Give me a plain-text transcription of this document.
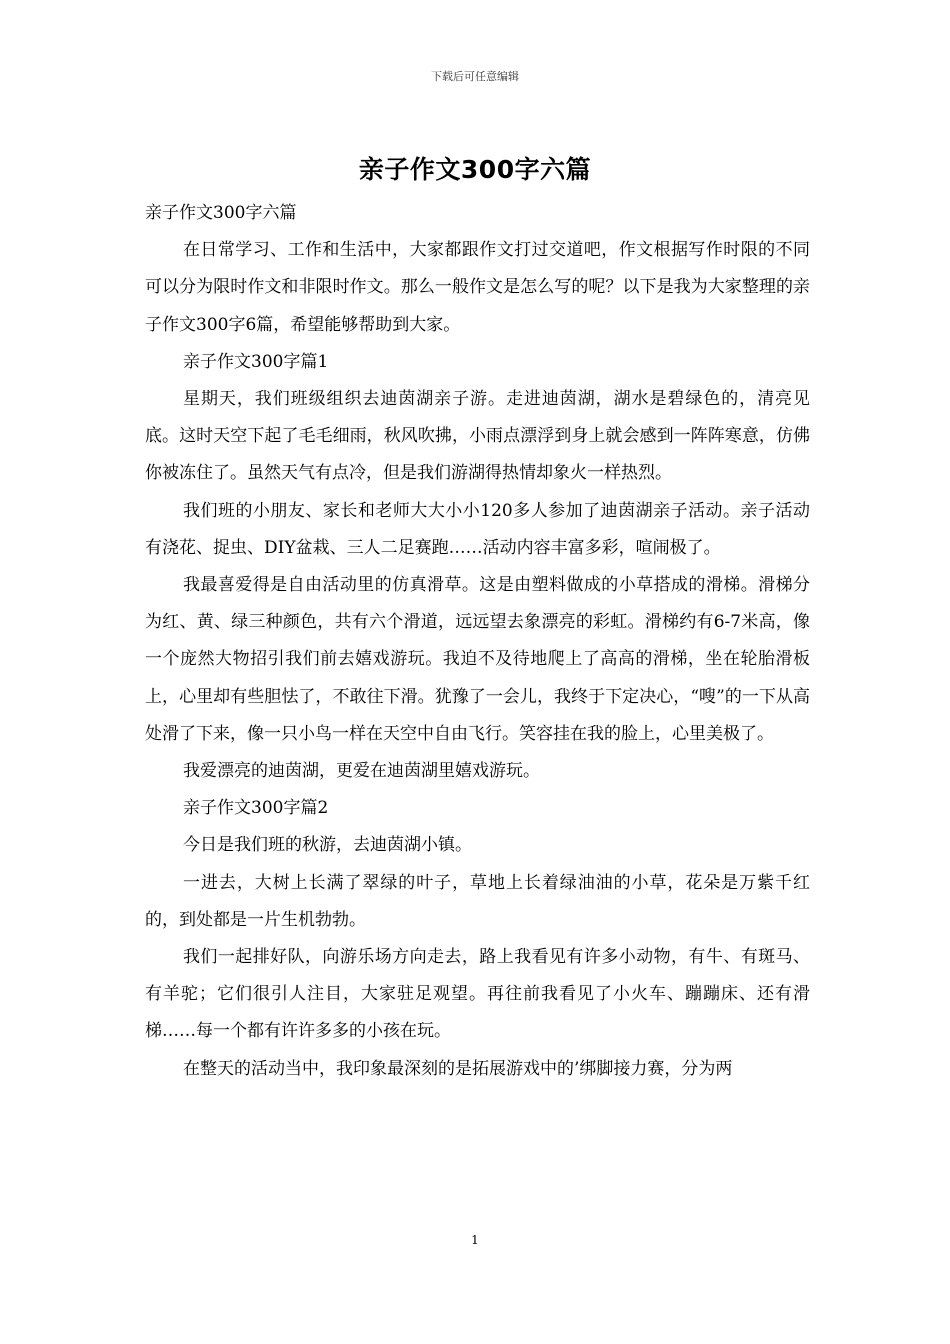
下载后可任意编辑
亲子作文300字六篇

亲子作文300字六篇

在日常学习、工作和生活中，大家都跟作文打过交道吧，作文根据写作时限的不同可以分为限时作文和非限时作文。那么一般作文是怎么写的呢？以下是我为大家整理的亲子作文300字6篇，希望能够帮助到大家。

亲子作文300字篇1

星期天，我们班级组织去迪茵湖亲子游。走进迪茵湖，湖水是碧绿色的，清亮见底。这时天空下起了毛毛细雨，秋风吹拂，小雨点漂浮到身上就会感到一阵阵寒意，仿佛你被冻住了。虽然天气有点冷，但是我们游湖得热情却象火一样热烈。

我们班的小朋友、家长和老师大大小小120多人参加了迪茵湖亲子活动。亲子活动有浇花、捉虫、DIY盆栽、三人二足赛跑……活动内容丰富多彩，喧闹极了。

我最喜爱得是自由活动里的仿真滑草。这是由塑料做成的小草搭成的滑梯。滑梯分为红、黄、绿三种颜色，共有六个滑道，远远望去象漂亮的彩虹。滑梯约有6-7米高，像一个庞然大物招引我们前去嬉戏游玩。我迫不及待地爬上了高高的滑梯，坐在轮胎滑板上，心里却有些胆怯了，不敢往下滑。犹豫了一会儿，我终于下定决心，“嗖”的一下从高处滑了下来，像一只小鸟一样在天空中自由飞行。笑容挂在我的脸上，心里美极了。

我爱漂亮的迪茵湖，更爱在迪茵湖里嬉戏游玩。

亲子作文300字篇2

今日是我们班的秋游，去迪茵湖小镇。

一进去，大树上长满了翠绿的叶子，草地上长着绿油油的小草，花朵是万紫千红的，到处都是一片生机勃勃。

我们一起排好队，向游乐场方向走去，路上我看见有许多小动物，有牛、有斑马、有羊驼；它们很引人注目，大家驻足观望。再往前我看见了小火车、蹦蹦床、还有滑梯……每一个都有许许多多的小孩在玩。

在整天的活动当中，我印象最深刻的是拓展游戏中的’绑脚接力赛，分为两

1
